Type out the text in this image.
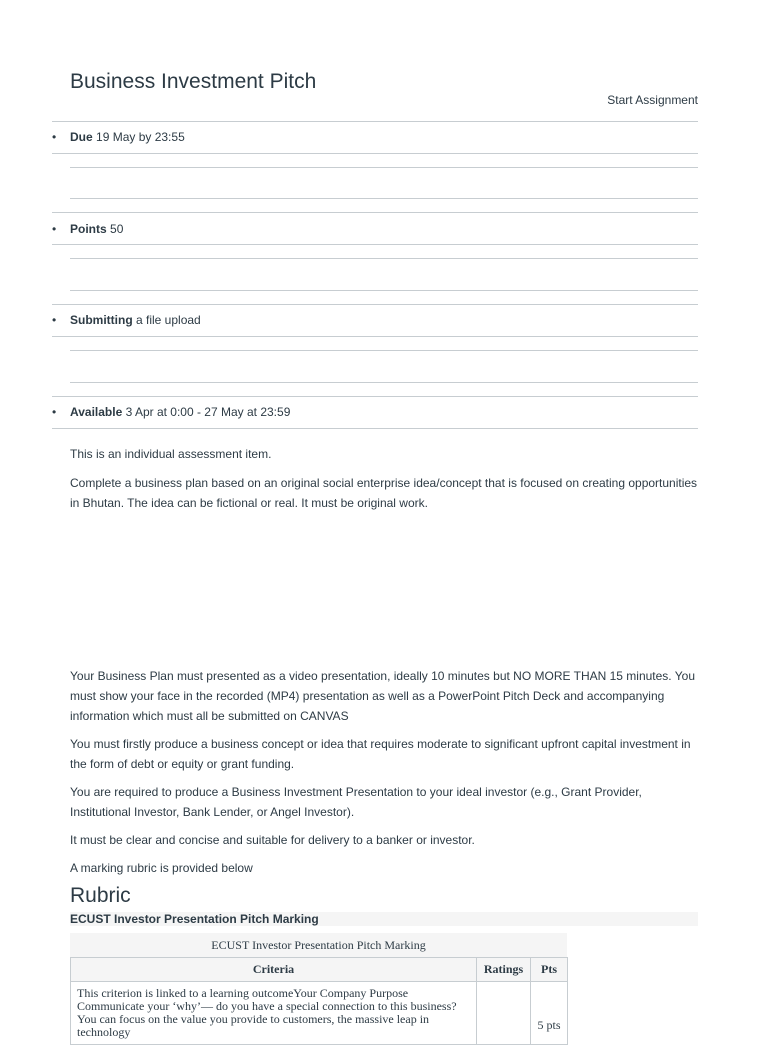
Business Investment Pitch
Start Assignment
• Due 19 May by 23:55
• Points 50
• Submitting a file upload
• Available 3 Apr at 0:00 - 27 May at 23:59

This is an individual assessment item.

Complete a business plan based on an original social enterprise idea/concept that is focused on creating opportunities in Bhutan. The idea can be fictional or real. It must be original work.

Your Business Plan must presented as a video presentation, ideally 10 minutes but NO MORE THAN 15 minutes. You must show your face in the recorded (MP4) presentation as well as a PowerPoint Pitch Deck and accompanying information which must all be submitted on CANVAS

You must firstly produce a business concept or idea that requires moderate to significant upfront capital investment in the form of debt or equity or grant funding.

You are required to produce a Business Investment Presentation to your ideal investor (e.g., Grant Provider, Institutional Investor, Bank Lender, or Angel Investor).

It must be clear and concise and suitable for delivery to a banker or investor.

A marking rubric is provided below

Rubric
ECUST Investor Presentation Pitch Marking
ECUST Investor Presentation Pitch Marking
Criteria	Ratings	Pts
This criterion is linked to a learning outcomeYour Company Purpose Communicate your ‘why’— do you have a special connection to this business? You can focus on the value you provide to customers, the massive leap in technology		5 pts
